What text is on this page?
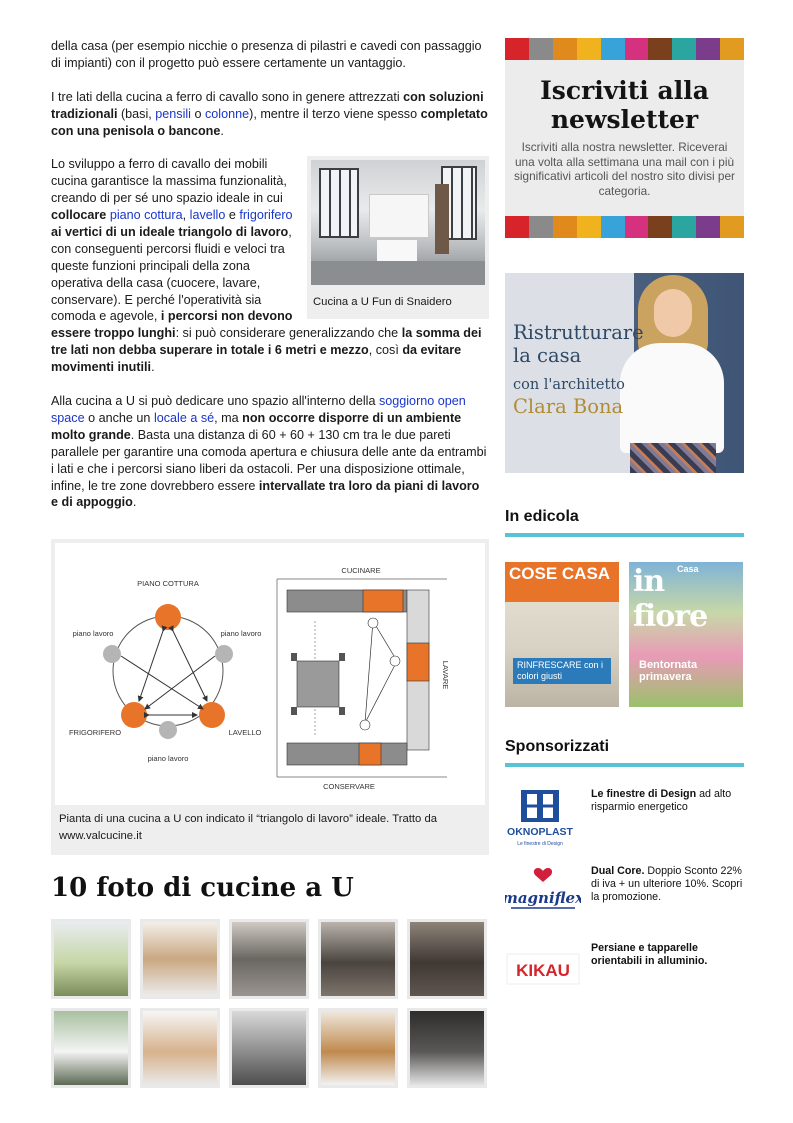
della casa (per esempio nicchie o presenza di pilastri e cavedi con passaggio di impianti) con il progetto può essere certamente un vantaggio.

I tre lati della cucina a ferro di cavallo sono in genere attrezzati con soluzioni tradizionali (basi, pensili o colonne), mentre il terzo viene spesso completato con una penisola o bancone.

Cucina a U Fun di Snaidero
Lo sviluppo a ferro di cavallo dei mobili cucina garantisce la massima funzionalità, creando di per sé uno spazio ideale in cui collocare piano cottura, lavello e frigorifero ai vertici di un ideale triangolo di lavoro, con conseguenti percorsi fluidi e veloci tra queste funzioni principali della zona operativa della casa (cuocere, lavare, conservare). E perché l'operatività sia comoda e agevole, i percorsi non devono essere troppo lunghi: si può considerare generalizzando che la somma dei tre lati non debba superare in totale i 6 metri e mezzo, così da evitare movimenti inutili.

Alla cucina a U si può dedicare uno spazio all'interno della soggiorno open space o anche un locale a sé, ma non occorre disporre di un ambiente molto grande. Basta una distanza di 60 + 60 + 130 cm tra le due pareti parallele per garantire una comoda apertura e chiusura delle ante da entrambi i lati e che i percorsi siano liberi da ostacoli. Per una disposizione ottimale, infine, le tre zone dovrebbero essere intervallate tra loro da piani di lavoro e di appoggio.

PIANO COTTURA
piano lavoro	piano lavoro
FRIGORIFERO	LAVELLO
piano lavoro
CUCINARE
LAVARE
CONSERVARE
Pianta di una cucina a U con indicato il “triangolo di lavoro” ideale. Tratto da www.valcucine.it
10 foto di cucine a U
Iscriviti alla newsletter
Iscriviti alla nostra newsletter. Riceverai una volta alla settimana una mail con i più significativi articoli del nostro sito divisi per categoria.
Ristrutturare
la casa
con l'architetto
Clara Bona
In edicola
COSE CASA
RINFRESCARE con i colori giusti
Casa
in fiore
Bentornata primavera
Sponsorizzati
OKNOPLAST
Le finestre di Design
Le finestre di Design ad alto risparmio energetico
magniflex
Dual Core. Doppio Sconto 22% di iva + un ulteriore 10%. Scopri la promozione.
KIKAU
Persiane e tapparelle orientabili in alluminio.
